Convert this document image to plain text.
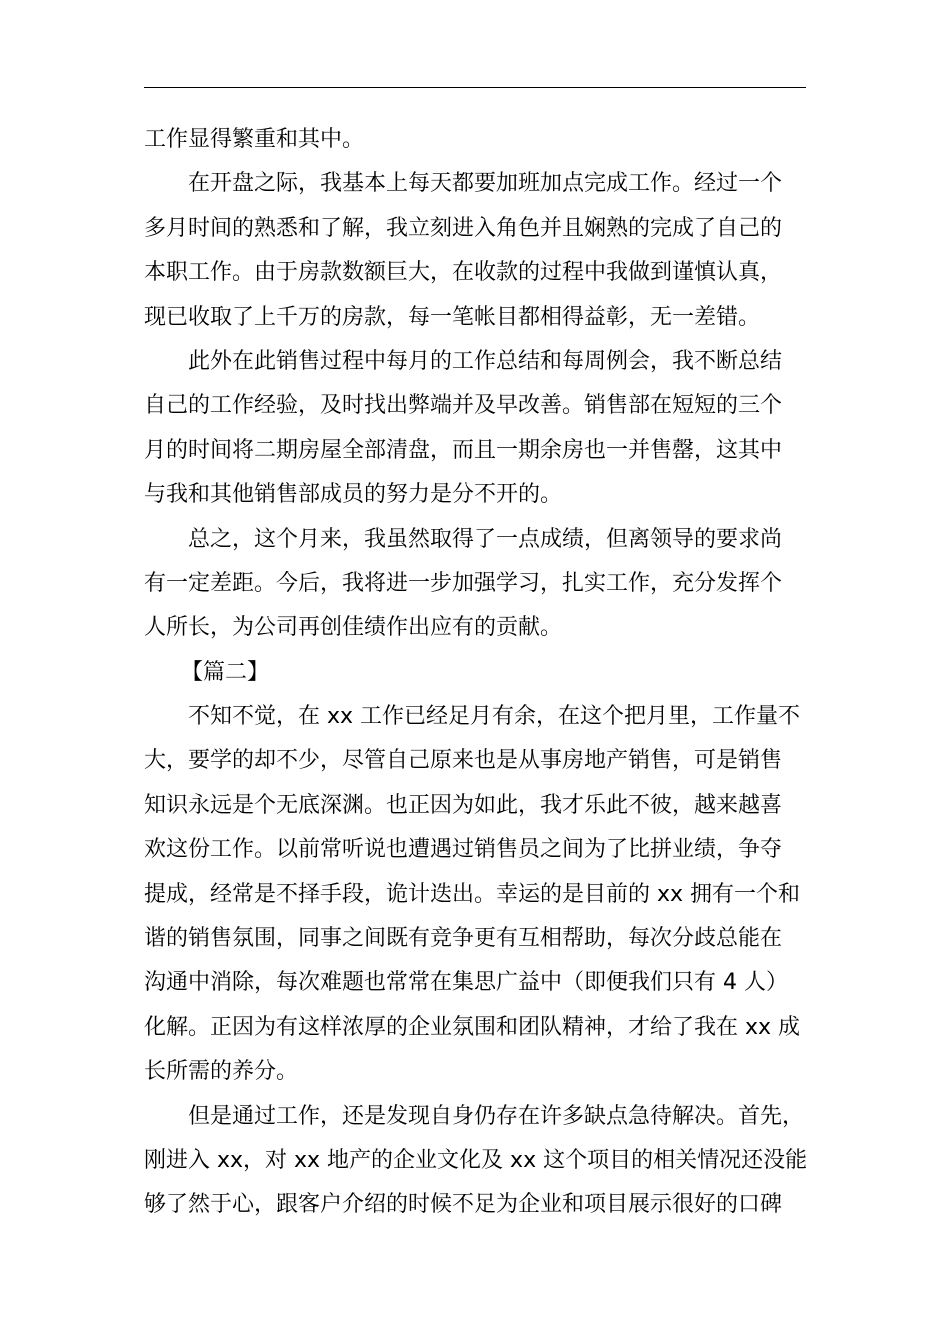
工作显得繁重和其中。

在开盘之际，我基本上每天都要加班加点完成工作。经过一个
多月时间的熟悉和了解，我立刻进入角色并且娴熟的完成了自己的
本职工作。由于房款数额巨大，在收款的过程中我做到谨慎认真，
现已收取了上千万的房款，每一笔帐目都相得益彰，无一差错。

此外在此销售过程中每月的工作总结和每周例会，我不断总结
自己的工作经验，及时找出弊端并及早改善。销售部在短短的三个
月的时间将二期房屋全部清盘，而且一期余房也一并售罄，这其中
与我和其他销售部成员的努力是分不开的。

总之，这个月来，我虽然取得了一点成绩，但离领导的要求尚
有一定差距。今后，我将进一步加强学习，扎实工作，充分发挥个
人所长，为公司再创佳绩作出应有的贡献。

【篇二】

不知不觉，在 xx 工作已经足月有余，在这个把月里，工作量不
大，要学的却不少，尽管自己原来也是从事房地产销售，可是销售
知识永远是个无底深渊。也正因为如此，我才乐此不彼，越来越喜
欢这份工作。以前常听说也遭遇过销售员之间为了比拼业绩，争夺
提成，经常是不择手段，诡计迭出。幸运的是目前的 xx 拥有一个和
谐的销售氛围，同事之间既有竞争更有互相帮助，每次分歧总能在
沟通中消除，每次难题也常常在集思广益中（即便我们只有 4 人）
化解。正因为有这样浓厚的企业氛围和团队精神，才给了我在 xx 成
长所需的养分。

但是通过工作，还是发现自身仍存在许多缺点急待解决。首先，
刚进入 xx，对 xx 地产的企业文化及 xx 这个项目的相关情况还没能
够了然于心，跟客户介绍的时候不足为企业和项目展示很好的口碑
